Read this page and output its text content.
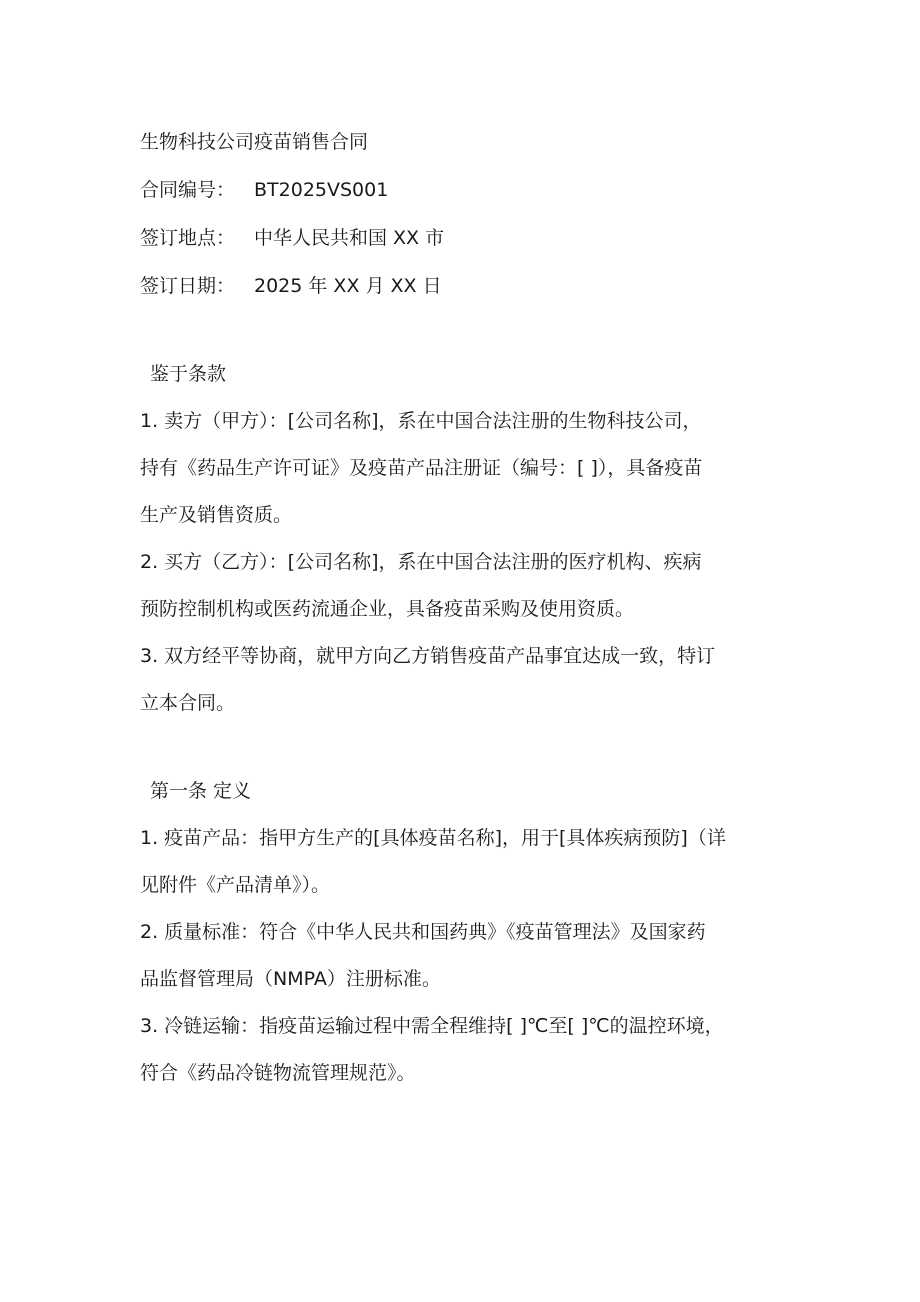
生物科技公司疫苗销售合同
合同编号： BT2025VS001
签订地点： 中华人民共和国 XX 市
签订日期： 2025 年 XX 月 XX 日
鉴于条款

1. 卖方（甲方）：[公司名称]，系在中国合法注册的生物科技公司，
持有《药品生产许可证》及疫苗产品注册证（编号：[ ]），具备疫苗
生产及销售资质。

2. 买方（乙方）：[公司名称]，系在中国合法注册的医疗机构、疾病
预防控制机构或医药流通企业，具备疫苗采购及使用资质。

3. 双方经平等协商，就甲方向乙方销售疫苗产品事宜达成一致，特订
立本合同。

第一条 定义

1. 疫苗产品：指甲方生产的[具体疫苗名称]，用于[具体疾病预防]（详
见附件《产品清单》）。

2. 质量标准：符合《中华人民共和国药典》《疫苗管理法》及国家药
品监督管理局（NMPA）注册标准。

3. 冷链运输：指疫苗运输过程中需全程维持[ ]℃至[ ]℃的温控环境，
符合《药品冷链物流管理规范》。
